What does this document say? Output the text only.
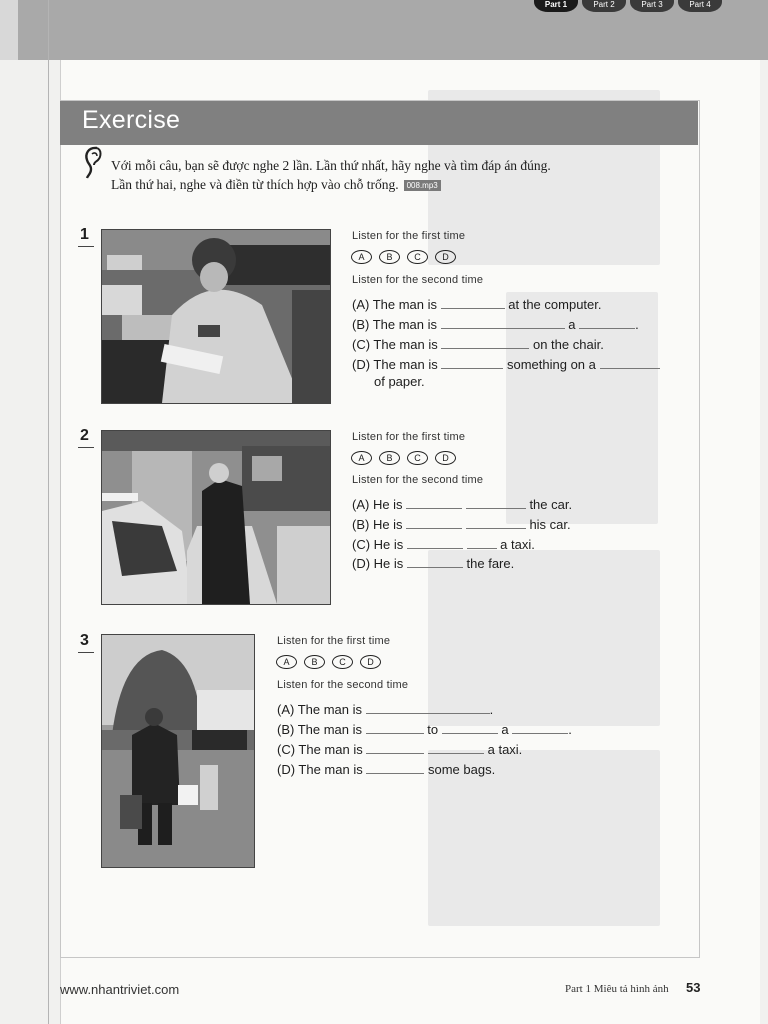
Part 1	Part 2	Part 3	Part 4
Exercise
Với mỗi câu, bạn sẽ được nghe 2 lần. Lần thứ nhất, hãy nghe và tìm đáp án đúng.
Lần thứ hai, nghe và điền từ thích hợp vào chỗ trống. 008.mp3
1	Listen for the first time
A	B	C	D
Listen for the second time
(A) The man is	at the computer.
(B) The man is	a	.
(C) The man is	on the chair.
(D) The man is	something on a
of paper.
2	Listen for the first time
A	B	C	D
Listen for the second time
(A) He is	the car.
(B) He is	his car.
(C) He is	a taxi.
(D) He is	the fare.
3	Listen for the first time
A	B	C	D
Listen for the second time
(A) The man is	.
(B) The man is	to	a	.
(C) The man is	a taxi.
(D) The man is	some bags.
www.nhantriviet.com	Part 1 Miêu tả hình ảnh 53
